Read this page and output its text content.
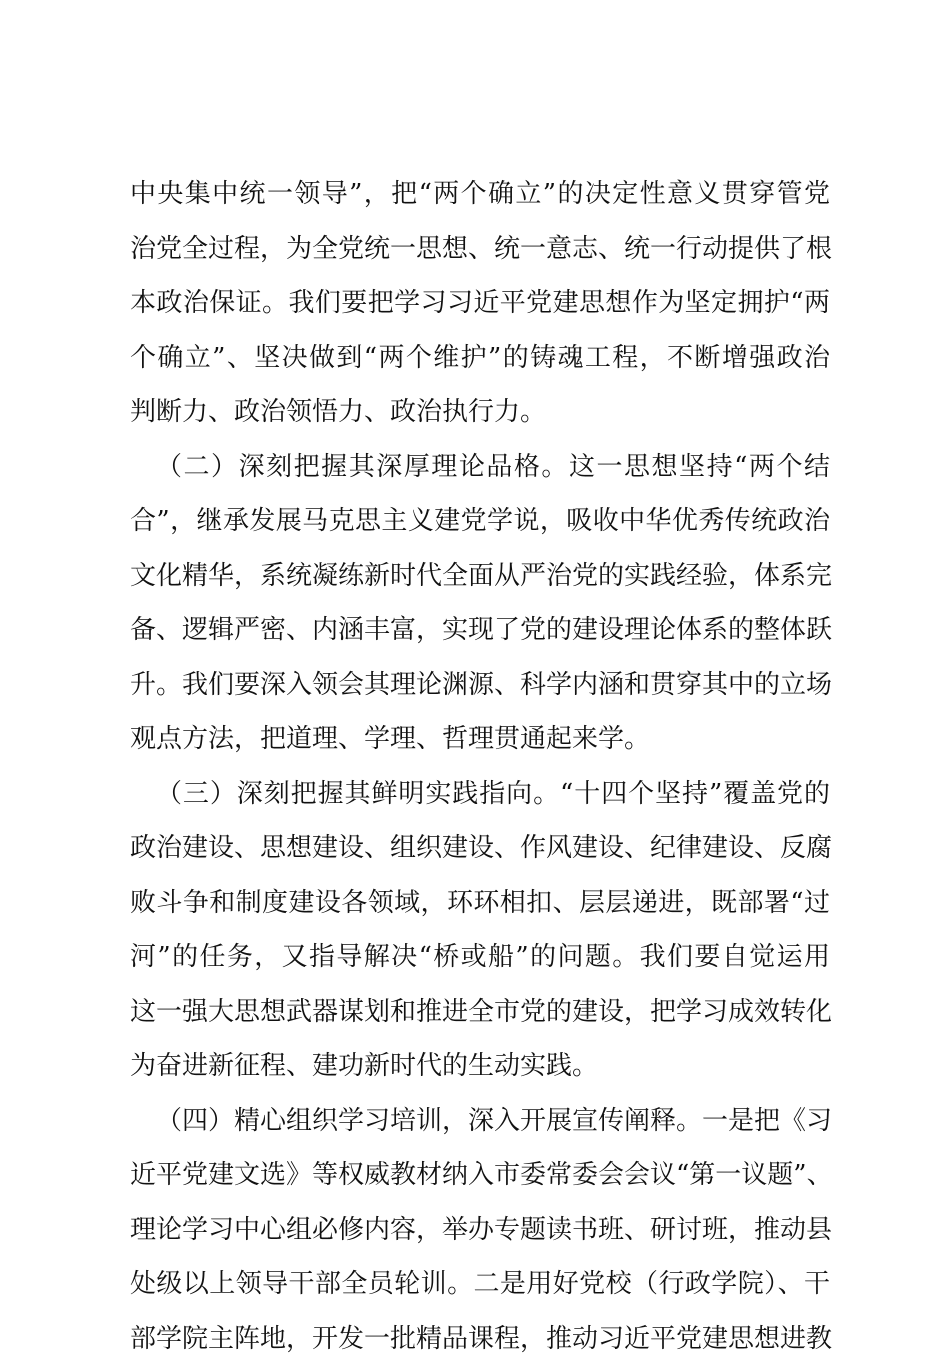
中央集中统一领导”，把“两个确立”的决定性意义贯穿管党
治党全过程，为全党统一思想、统一意志、统一行动提供了根
本政治保证。我们要把学习习近平党建思想作为坚定拥护“两
个确立”、坚决做到“两个维护”的铸魂工程，不断增强政治
判断力、政治领悟力、政治执行力。
（二）深刻把握其深厚理论品格。这一思想坚持“两个结
合”，继承发展马克思主义建党学说，吸收中华优秀传统政治
文化精华，系统凝练新时代全面从严治党的实践经验，体系完
备、逻辑严密、内涵丰富，实现了党的建设理论体系的整体跃
升。我们要深入领会其理论渊源、科学内涵和贯穿其中的立场
观点方法，把道理、学理、哲理贯通起来学。
（三）深刻把握其鲜明实践指向。“十四个坚持”覆盖党的
政治建设、思想建设、组织建设、作风建设、纪律建设、反腐
败斗争和制度建设各领域，环环相扣、层层递进，既部署“过
河”的任务，又指导解决“桥或船”的问题。我们要自觉运用
这一强大思想武器谋划和推进全市党的建设，把学习成效转化
为奋进新征程、建功新时代的生动实践。
（四）精心组织学习培训，深入开展宣传阐释。一是把《习
近平党建文选》等权威教材纳入市委常委会会议“第一议题”、
理论学习中心组必修内容，举办专题读书班、研讨班，推动县
处级以上领导干部全员轮训。二是用好党校（行政学院）、干
部学院主阵地，开发一批精品课程，推动习近平党建思想进教
